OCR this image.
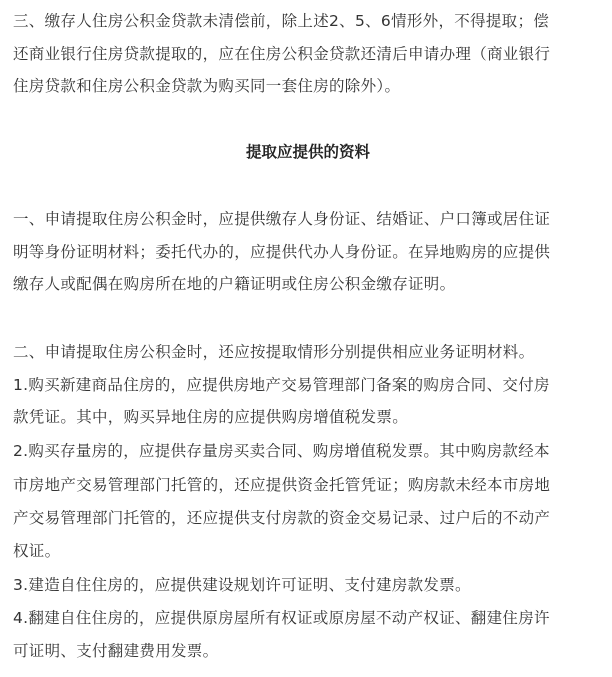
三、缴存人住房公积金贷款未清偿前，除上述2、5、6情形外，不得提取；偿
还商业银行住房贷款提取的，应在住房公积金贷款还清后申请办理（商业银行
住房贷款和住房公积金贷款为购买同一套住房的除外）。
提取应提供的资料
一、申请提取住房公积金时，应提供缴存人身份证、结婚证、户口簿或居住证
明等身份证明材料；委托代办的，应提供代办人身份证。在异地购房的应提供
缴存人或配偶在购房所在地的户籍证明或住房公积金缴存证明。
二、申请提取住房公积金时，还应按提取情形分别提供相应业务证明材料。
1.购买新建商品住房的，应提供房地产交易管理部门备案的购房合同、交付房
款凭证。其中，购买异地住房的应提供购房增值税发票。
2.购买存量房的，应提供存量房买卖合同、购房增值税发票。其中购房款经本
市房地产交易管理部门托管的，还应提供资金托管凭证；购房款未经本市房地
产交易管理部门托管的，还应提供支付房款的资金交易记录、过户后的不动产
权证。
3.建造自住住房的，应提供建设规划许可证明、支付建房款发票。
4.翻建自住住房的，应提供原房屋所有权证或原房屋不动产权证、翻建住房许
可证明、支付翻建费用发票。
